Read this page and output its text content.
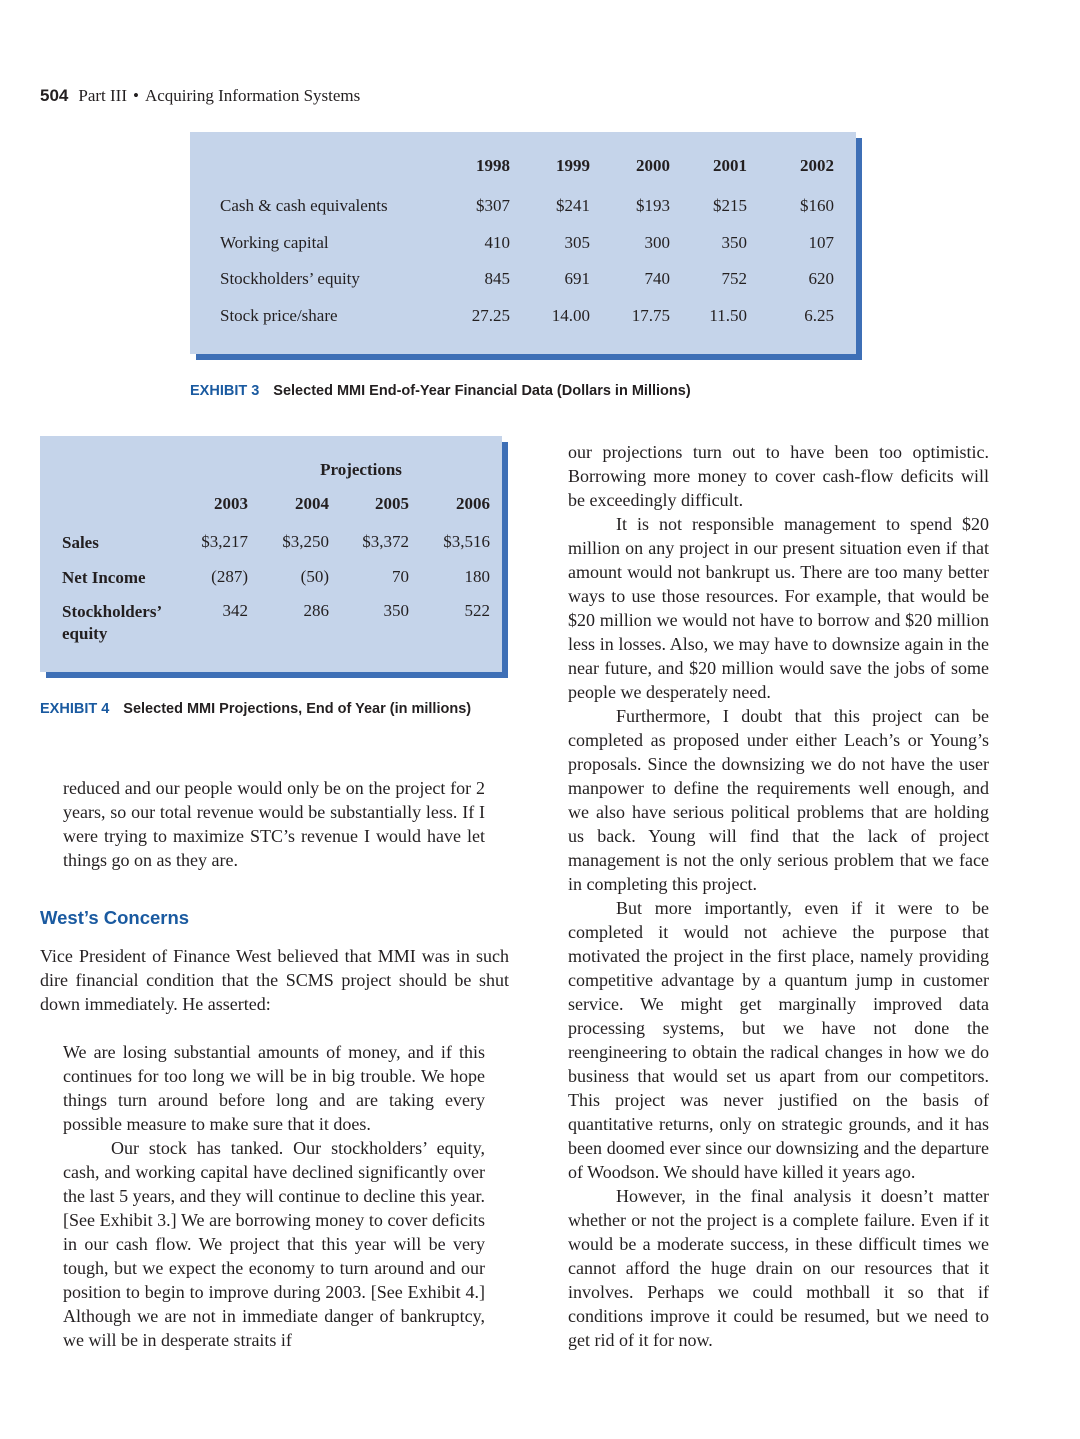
504 Part III • Acquiring Information Systems
	1998	1999	2000	2001	2002
Cash & cash equivalents	$307	$241	$193	$215	$160
Working capital	410	305	300	350	107
Stockholders’ equity	845	691	740	752	620
Stock price/share	27.25	14.00	17.75	11.50	6.25
EXHIBIT 3 Selected MMI End-of-Year Financial Data (Dollars in Millions)
	Projections			
	2003	2004	2005	2006
Sales	$3,217	$3,250	$3,372	$3,516
Net Income	(287)	(50)	70	180
Stockholders’ equity	342	286	350	522
EXHIBIT 4 Selected MMI Projections, End of Year (in millions)

reduced and our people would only be on the project for 2 years, so our total revenue would be substantially less. If I were trying to maximize STC’s revenue I would have let things go on as they are.

West’s Concerns

Vice President of Finance West believed that MMI was in such dire financial condition that the SCMS project should be shut down immediately. He asserted:

We are losing substantial amounts of money, and if this continues for too long we will be in big trouble. We hope things turn around before long and are taking every possible measure to make sure that it does.

Our stock has tanked. Our stockholders’ equity, cash, and working capital have declined significantly over the last 5 years, and they will continue to decline this year. [See Exhibit 3.] We are borrowing money to cover deficits in our cash flow. We project that this year will be very tough, but we expect the economy to turn around and our position to begin to improve during 2003. [See Exhibit 4.] Although we are not in immediate danger of bankruptcy, we will be in desperate straits if

our projections turn out to have been too optimistic. Borrowing more money to cover cash-flow deficits will be exceedingly difficult.

It is not responsible management to spend $20 million on any project in our present situation even if that amount would not bankrupt us. There are too many better ways to use those resources. For example, that would be $20 million we would not have to borrow and $20 million less in losses. Also, we may have to downsize again in the near future, and $20 million would save the jobs of some people we desperately need.

Furthermore, I doubt that this project can be completed as proposed under either Leach’s or Young’s proposals. Since the downsizing we do not have the user manpower to define the requirements well enough, and we also have serious political problems that are holding us back. Young will find that the lack of project management is not the only serious problem that we face in completing this project.

But more importantly, even if it were to be completed it would not achieve the purpose that motivated the project in the first place, namely providing competitive advantage by a quantum jump in customer service. We might get marginally improved data processing systems, but we have not done the reengineering to obtain the radical changes in how we do business that would set us apart from our competitors. This project was never justified on the basis of quantitative returns, only on strategic grounds, and it has been doomed ever since our downsizing and the departure of Woodson. We should have killed it years ago.

However, in the final analysis it doesn’t matter whether or not the project is a complete failure. Even if it would be a moderate success, in these difficult times we cannot afford the huge drain on our resources that it involves. Perhaps we could mothball it so that if conditions improve it could be resumed, but we need to get rid of it for now.
